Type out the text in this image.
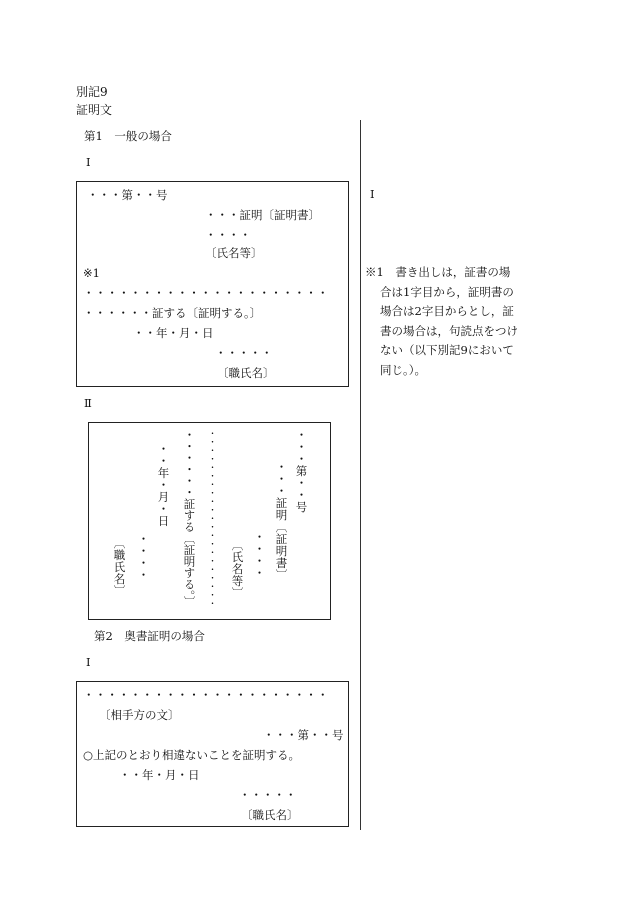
別記9
証明文
第1　一般の場合
Ⅰ
・・・第・・号
・・・証明〔証明書〕
・・・・
〔氏名等〕
※1
・・・・・・・・・・・・・・・・・・・・・
・・・・・・証する〔証明する。〕
・・年・月・日
・・・・・
〔職氏名〕
Ⅱ
・・・第・・号
・・・証明〔証明書〕
・・・・
〔氏名等〕
・・・・・・・・・・・・・・・・・・・・・
・・・・・・証する〔証明する。〕
・・年・月・日
・・・・
〔職氏名〕
第2　奥書証明の場合
Ⅰ
・・・・・・・・・・・・・・・・・・・・・
〔相手方の文〕
・・・第・・号
○上記のとおり相違ないことを証明する。
・・年・月・日
・・・・・
〔職氏名〕
Ⅰ
※1　書き出しは，証書の場
合は1字目から，証明書の
場合は2字目からとし，証
書の場合は，句読点をつけ
ない（以下別記9において
同じ。）。
